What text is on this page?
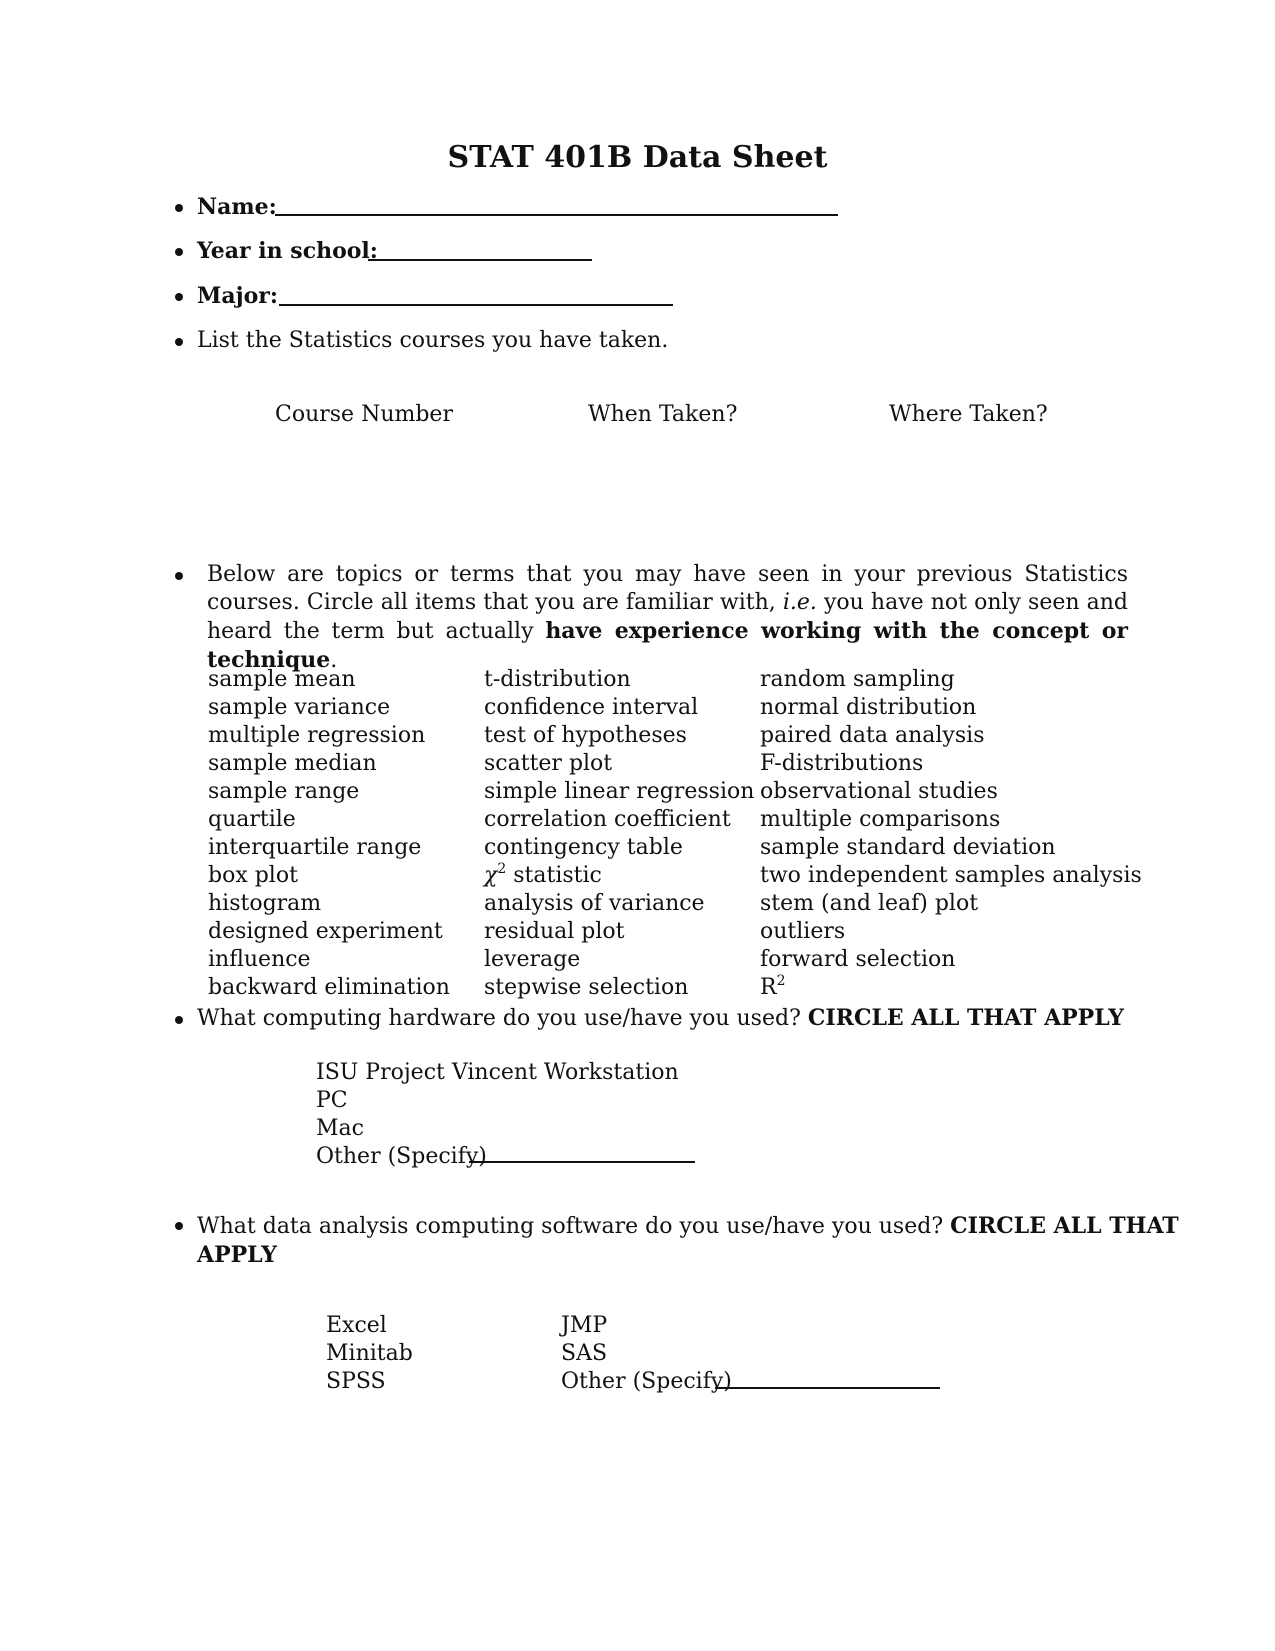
STAT 401B Data Sheet
Name:
Year in school:
Major:
List the Statistics courses you have taken.
Course Number	When Taken?	Where Taken?
Below are topics or terms that you may have seen in your previous Statistics courses. Circle all items that you are familiar with, i.e. you have not only seen and heard the term but actually have experience working with the concept or technique.
sample mean
sample variance
multiple regression
sample median
sample range
quartile
interquartile range
box plot
histogram
designed experiment
influence
backward elimination
t-distribution
confidence interval
test of hypotheses
scatter plot
simple linear regression
correlation coefficient
contingency table
$\chi^2$ statistic
analysis of variance
residual plot
leverage
stepwise selection
random sampling
normal distribution
paired data analysis
F-distributions
observational studies
multiple comparisons
sample standard deviation
two independent samples analysis
stem (and leaf) plot
outliers
forward selection
$R^2$
What computing hardware do you use/have you used? CIRCLE ALL THAT APPLY
ISU Project Vincent Workstation
PC
Mac
Other (Specify)
What data analysis computing software do you use/have you used? CIRCLE ALL THAT
APPLY
Excel
Minitab
SPSS
JMP
SAS
Other (Specify)
